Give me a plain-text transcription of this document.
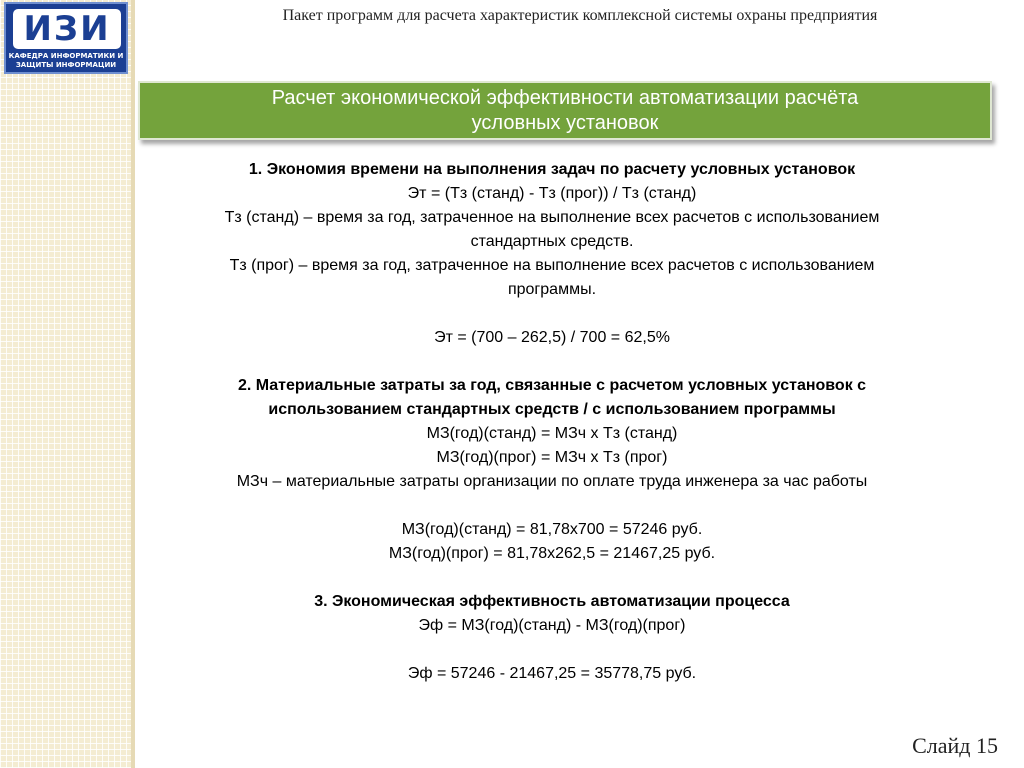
ИЗИ
КАФЕДРА ИНФОРМАТИКИ И
ЗАЩИТЫ ИНФОРМАЦИИ
Пакет программ для расчета характеристик комплексной системы охраны предприятия
Расчет экономической эффективности автоматизации расчёта
условных установок

1. Экономия времени на выполнения задач по расчету условных установок

Эт = (Тз (станд) - Тз (прог)) / Тз (станд)

Тз (станд) – время за год, затраченное на выполнение всех расчетов с использованием

стандартных средств.

Тз (прог) – время за год, затраченное на выполнение всех расчетов с использованием

программы.

Эт = (700 – 262,5) / 700 = 62,5%

2. Материальные затраты за год, связанные с расчетом условных установок с

использованием стандартных средств / с использованием программы

МЗ(год)(станд) = МЗч х Тз (станд)

МЗ(год)(прог) = МЗч х Тз (прог)

МЗч – материальные затраты организации по оплате труда инженера за час работы

МЗ(год)(станд) = 81,78х700 = 57246 руб.

МЗ(год)(прог) = 81,78х262,5 = 21467,25 руб.

3. Экономическая эффективность автоматизации процесса

Эф = МЗ(год)(станд) - МЗ(год)(прог)

Эф = 57246 - 21467,25 = 35778,75 руб.

Слайд 15
